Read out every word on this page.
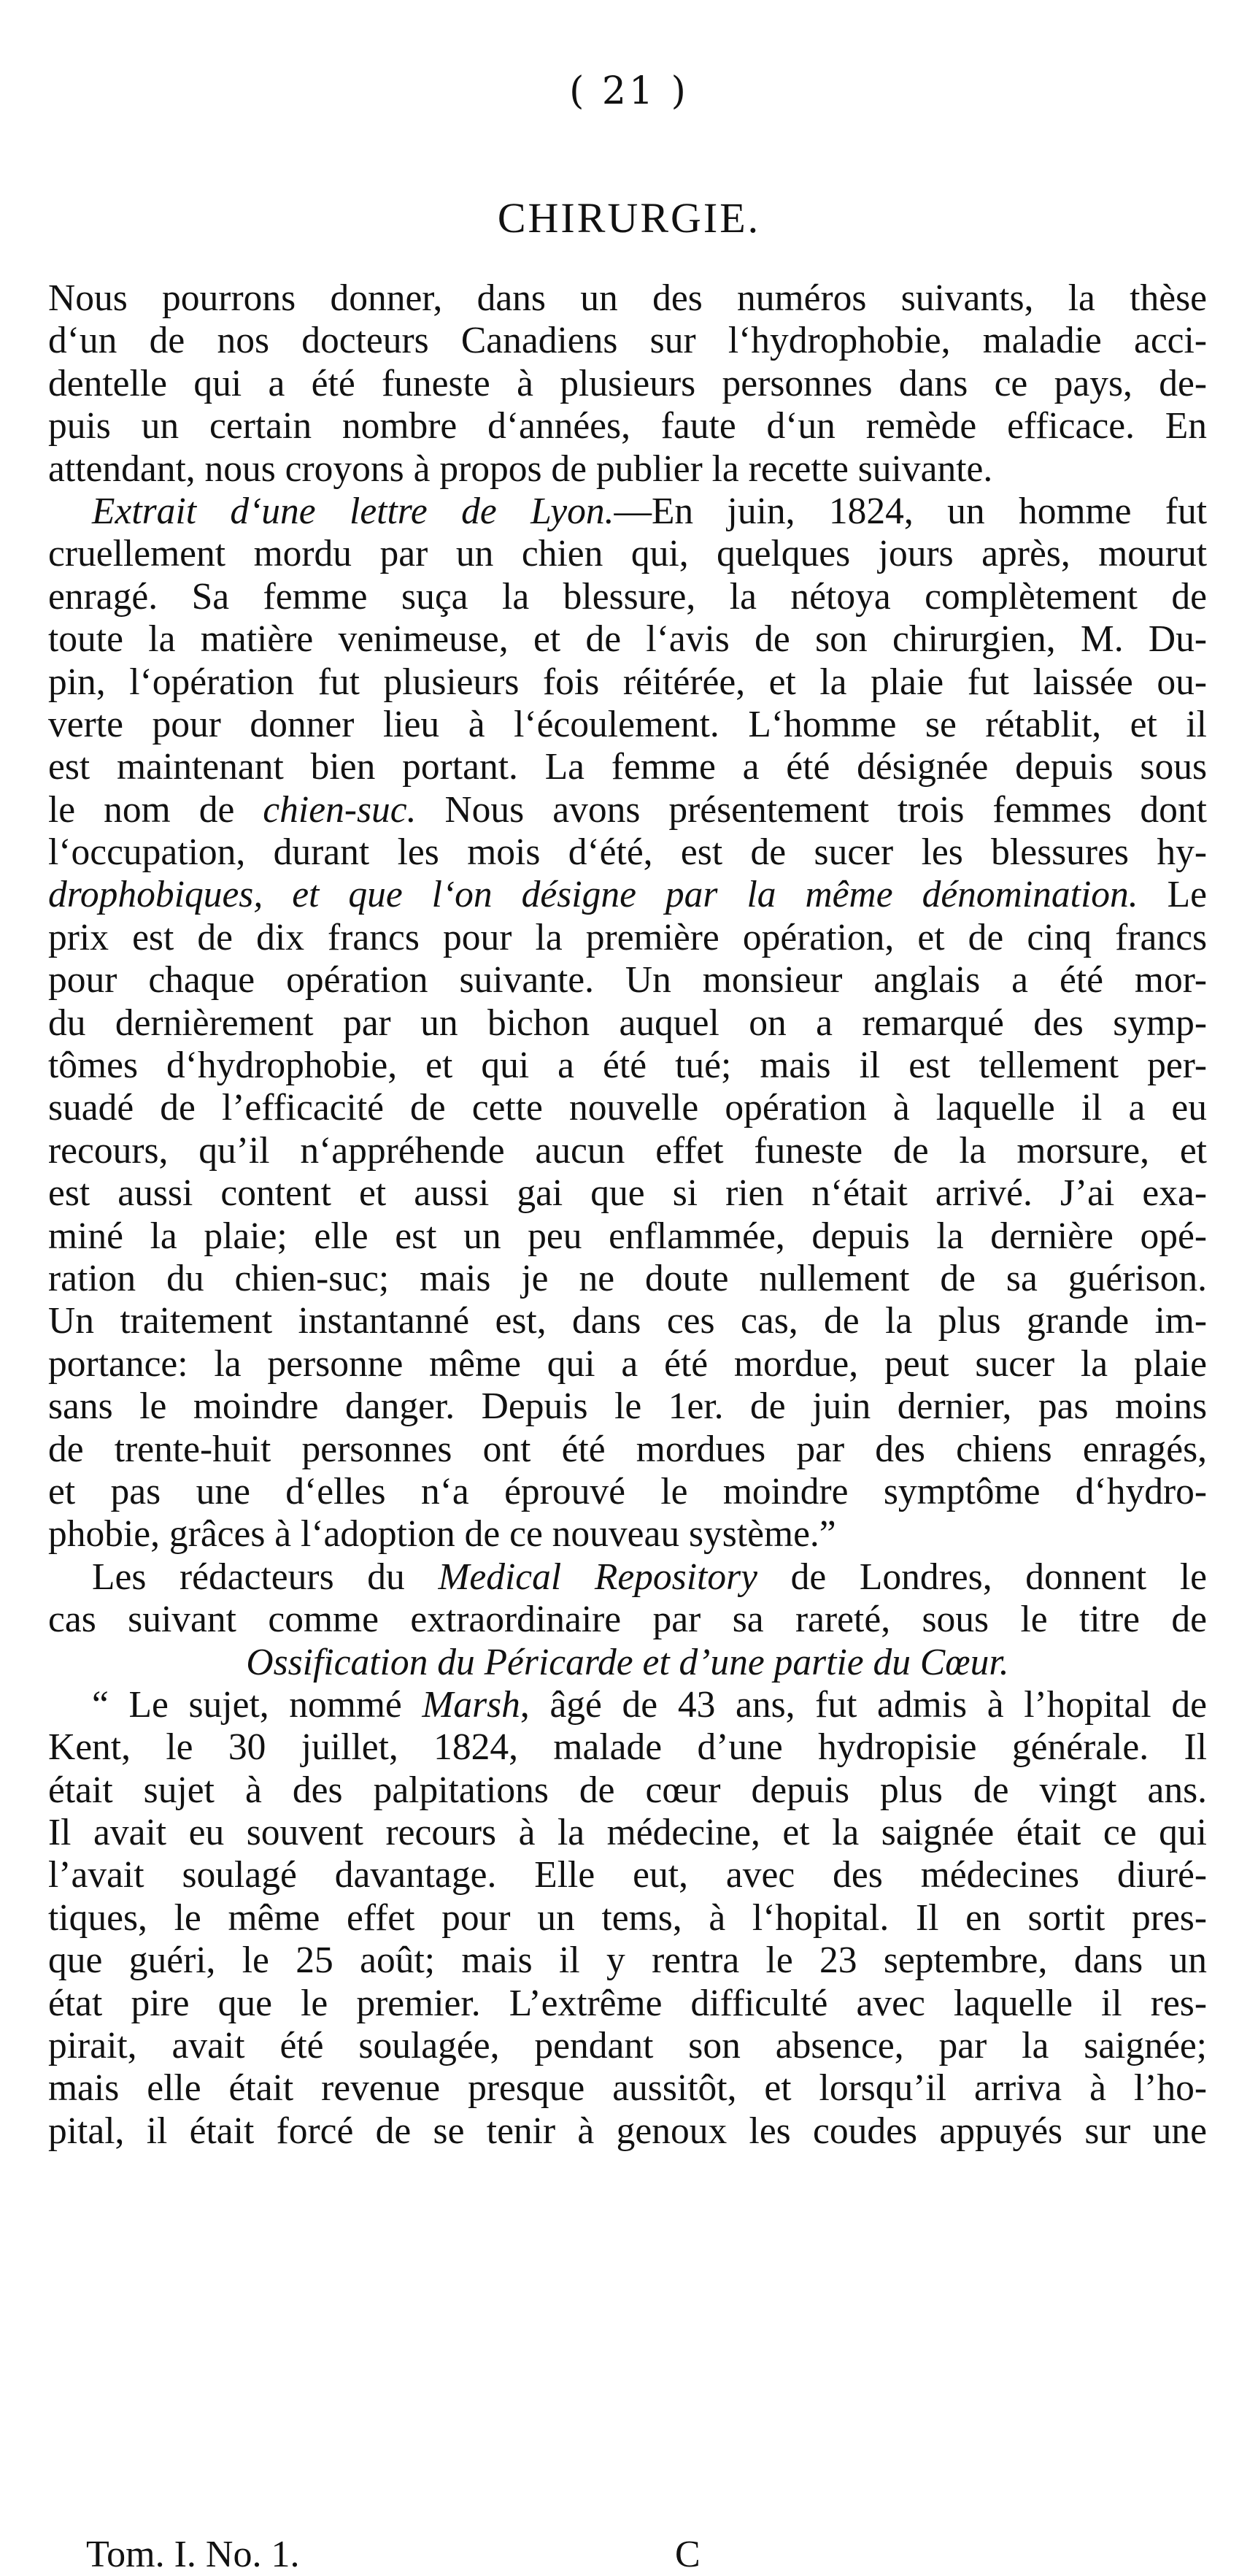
( 21 )
CHIRURGIE.
Nous pourrons donner, dans un des numéros suivants, la thèse
d‘un de nos docteurs Canadiens sur l‘hydrophobie, maladie acci-
dentelle qui a été funeste à plusieurs personnes dans ce pays, de-
puis un certain nombre d‘années, faute d‘un remède efficace. En
attendant, nous croyons à propos de publier la recette suivante.
Extrait d‘une lettre de Lyon.—En juin, 1824, un homme fut
cruellement mordu par un chien qui, quelques jours après, mourut
enragé. Sa femme suça la blessure, la nétoya complètement de
toute la matière venimeuse, et de l‘avis de son chirurgien, M. Du-
pin, l‘opération fut plusieurs fois réitérée, et la plaie fut laissée ou-
verte pour donner lieu à l‘écoulement. L‘homme se rétablit, et il
est maintenant bien portant. La femme a été désignée depuis sous
le nom de chien-suc. Nous avons présentement trois femmes dont
l‘occupation, durant les mois d‘été, est de sucer les blessures hy-
drophobiques, et que l‘on désigne par la même dénomination. Le
prix est de dix francs pour la première opération, et de cinq francs
pour chaque opération suivante. Un monsieur anglais a été mor-
du dernièrement par un bichon auquel on a remarqué des symp-
tômes d‘hydrophobie, et qui a été tué; mais il est tellement per-
suadé de l’efficacité de cette nouvelle opération à laquelle il a eu
recours, qu’il n‘appréhende aucun effet funeste de la morsure, et
est aussi content et aussi gai que si rien n‘était arrivé. J’ai exa-
miné la plaie; elle est un peu enflammée, depuis la dernière opé-
ration du chien-suc; mais je ne doute nullement de sa guérison.
Un traitement instantanné est, dans ces cas, de la plus grande im-
portance: la personne même qui a été mordue, peut sucer la plaie
sans le moindre danger. Depuis le 1er. de juin dernier, pas moins
de trente-huit personnes ont été mordues par des chiens enragés,
et pas une d‘elles n‘a éprouvé le moindre symptôme d‘hydro-
phobie, grâces à l‘adoption de ce nouveau système.”
Les rédacteurs du Medical Repository de Londres, donnent le
cas suivant comme extraordinaire par sa rareté, sous le titre de
Ossification du Péricarde et d’une partie du Cœur.
“ Le sujet, nommé Marsh, âgé de 43 ans, fut admis à l’hopital de
Kent, le 30 juillet, 1824, malade d’une hydropisie générale. Il
était sujet à des palpitations de cœur depuis plus de vingt ans.
Il avait eu souvent recours à la médecine, et la saignée était ce qui
l’avait soulagé davantage. Elle eut, avec des médecines diuré-
tiques, le même effet pour un tems, à l‘hopital. Il en sortit pres-
que guéri, le 25 août; mais il y rentra le 23 septembre, dans un
état pire que le premier. L’extrême difficulté avec laquelle il res-
pirait, avait été soulagée, pendant son absence, par la saignée;
mais elle était revenue presque aussitôt, et lorsqu’il arriva à l’ho-
pital, il était forcé de se tenir à genoux les coudes appuyés sur une
Tom. I. No. 1.	C
